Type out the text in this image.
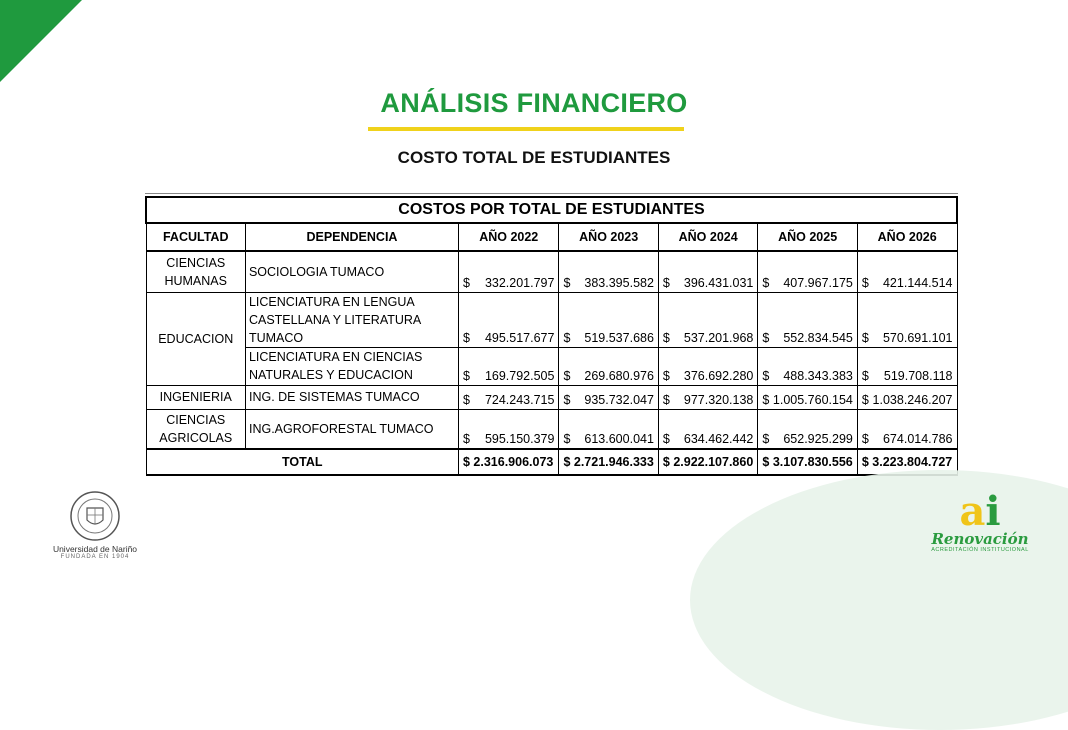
ANÁLISIS FINANCIERO
COSTO TOTAL DE ESTUDIANTES
COSTOS POR TOTAL DE ESTUDIANTES						
FACULTAD	DEPENDENCIA	AÑO 2022	AÑO 2023	AÑO 2024	AÑO 2025	AÑO 2026
CIENCIAS HUMANAS	SOCIOLOGIA TUMACO	$ 332.201.797	$ 383.395.582	$ 396.431.031	$ 407.967.175	$ 421.144.514

EDUCACION	LICENCIATURA EN LENGUA CASTELLANA Y LITERATURA TUMACO	$ 495.517.677	$ 519.537.686	$ 537.201.968	$ 552.834.545	$ 570.691.101

	LICENCIATURA EN CIENCIAS NATURALES Y EDUCACION	$ 169.792.505	$ 269.680.976	$ 376.692.280	$ 488.343.383	$ 519.708.118

INGENIERIA	ING. DE SISTEMAS TUMACO	$ 724.243.715	$ 935.732.047	$ 977.320.138	$ 1.005.760.154	$ 1.038.246.207

CIENCIAS AGRICOLAS	ING.AGROFORESTAL TUMACO	$ 595.150.379	$ 613.600.041	$ 634.462.442	$ 652.925.299	$ 674.014.786

TOTAL		$ 2.316.906.073	$ 2.721.946.333	$ 2.922.107.860	$ 3.107.830.556	$ 3.223.804.727
Universidad de Nariño
FUNDADA EN 1904
ai
Renovación
ACREDITACIÓN INSTITUCIONAL
